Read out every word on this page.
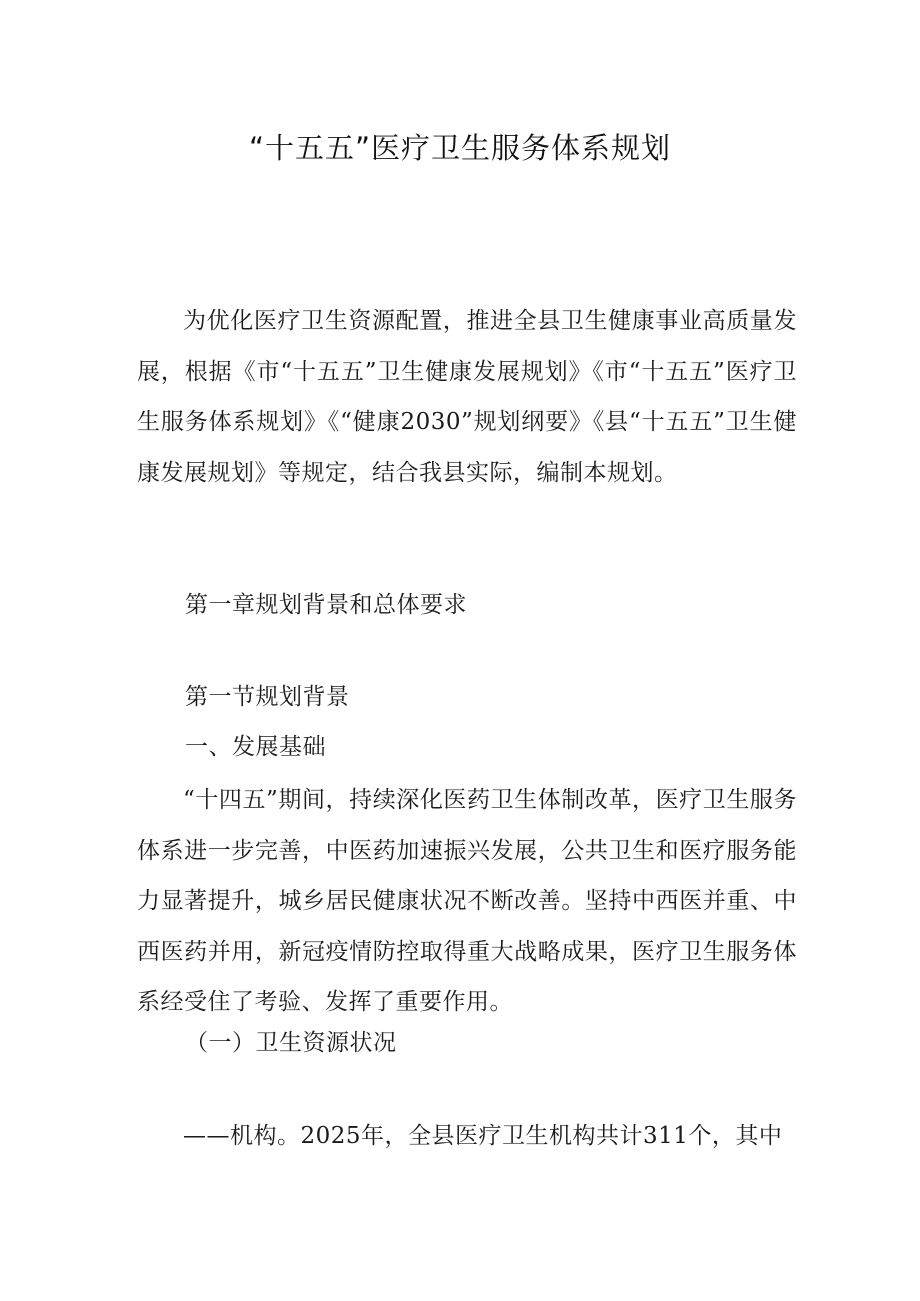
“十五五”医疗卫生服务体系规划

为优化医疗卫生资源配置，推进全县卫生健康事业高质量发展，根据《市“十五五”卫生健康发展规划》《市“十五五”医疗卫生服务体系规划》《“健康2030”规划纲要》《县“十五五”卫生健康发展规划》等规定，结合我县实际，编制本规划。

第一章规划背景和总体要求
第一节规划背景
一、发展基础

“十四五”期间，持续深化医药卫生体制改革，医疗卫生服务体系进一步完善，中医药加速振兴发展，公共卫生和医疗服务能力显著提升，城乡居民健康状况不断改善。坚持中西医并重、中西医药并用，新冠疫情防控取得重大战略成果，医疗卫生服务体系经受住了考验、发挥了重要作用。

（一）卫生资源状况
——机构。2025年，全县医疗卫生机构共计311个，其中
